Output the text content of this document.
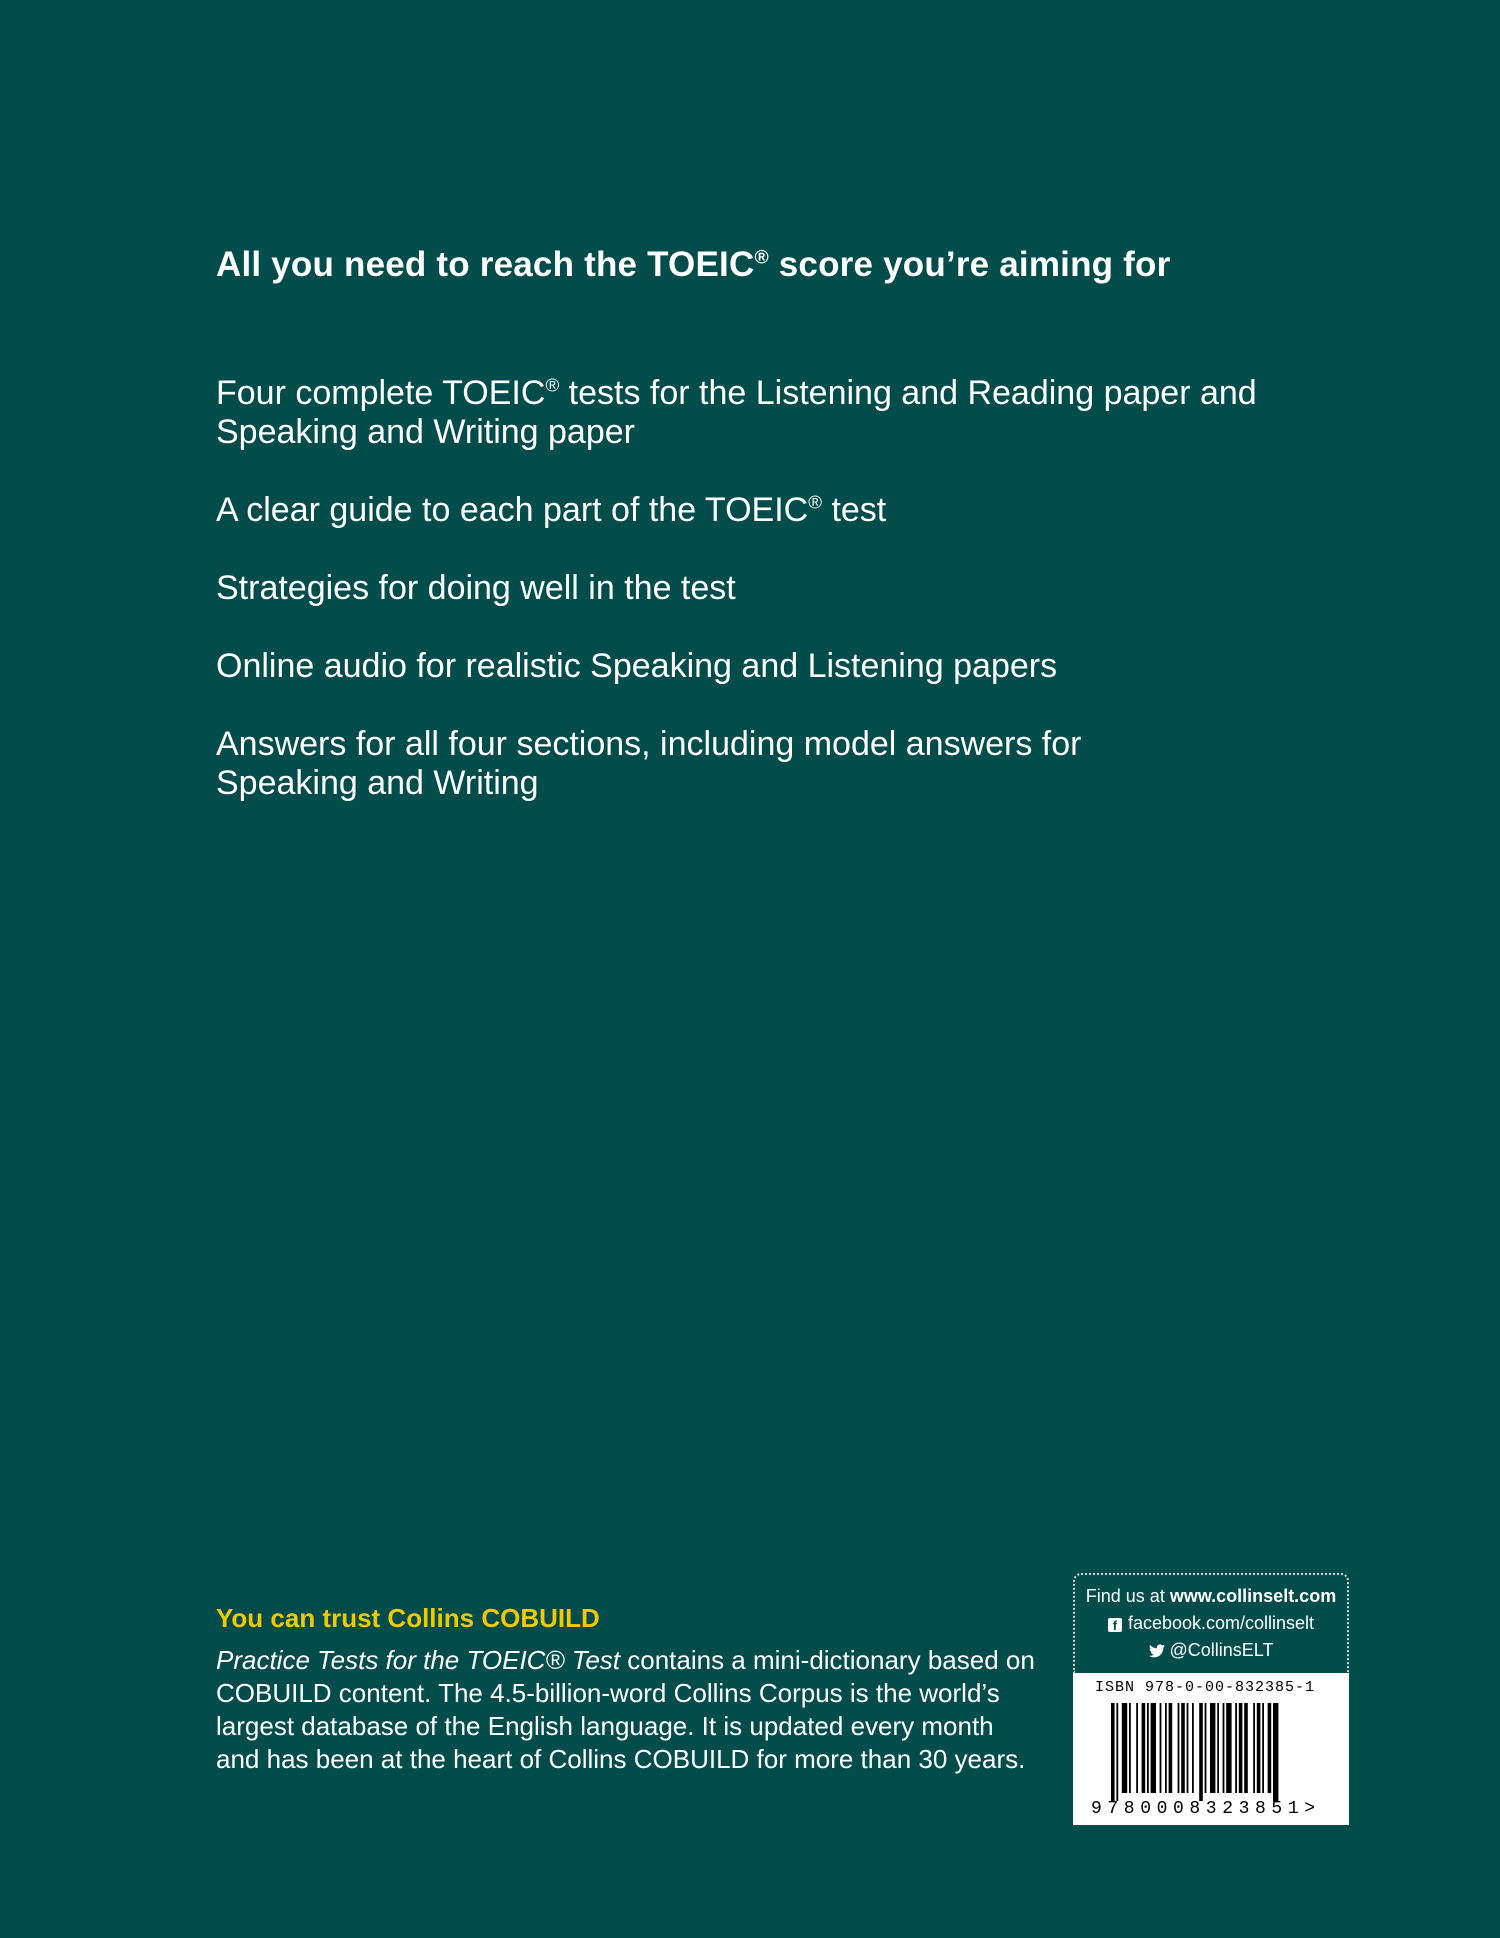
All you need to reach the TOEIC® score you’re aiming for
Four complete TOEIC® tests for the Listening and Reading paper and
Speaking and Writing paper
A clear guide to each part of the TOEIC® test
Strategies for doing well in the test
Online audio for realistic Speaking and Listening papers
Answers for all four sections, including model answers for
Speaking and Writing
You can trust Collins COBUILD
Practice Tests for the TOEIC® Test contains a mini-dictionary based on
COBUILD content. The 4.5-billion-word Collins Corpus is the world’s
largest database of the English language. It is updated every month
and has been at the heart of Collins COBUILD for more than 30 years.
Find us at www.collinselt.com
f facebook.com/collinselt
@CollinsELT
ISBN 978-0-00-832385-1
9780008323851>
